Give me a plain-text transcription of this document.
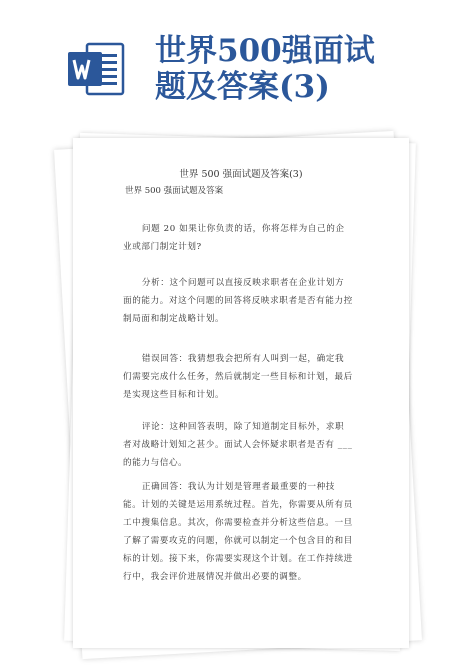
世界500强面试
题及答案(3)
世界 500 强面试题及答案(3)
世界 500 强面试题及答案
问题 20 如果让你负责的话，你将怎样为自己的企业或部门制定计划?
分析：这个问题可以直接反映求职者在企业计划方面的能力。对这个问题的回答将反映求职者是否有能力控制局面和制定战略计划。
错误回答：我猜想我会把所有人叫到一起，确定我们需要完成什么任务，然后就制定一些目标和计划，最后是实现这些目标和计划。
评论：这种回答表明，除了知道制定目标外，求职者对战略计划知之甚少。面试人会怀疑求职者是否有 ___ 的能力与信心。
正确回答：我认为计划是管理者最重要的一种技能。计划的关键是运用系统过程。首先，你需要从所有员工中搜集信息。其次，你需要检查并分析这些信息。一旦了解了需要攻克的问题，你就可以制定一个包含目的和目标的计划。接下来，你需要实现这个计划。在工作持续进行中，我会评价进展情况并做出必要的调整。
